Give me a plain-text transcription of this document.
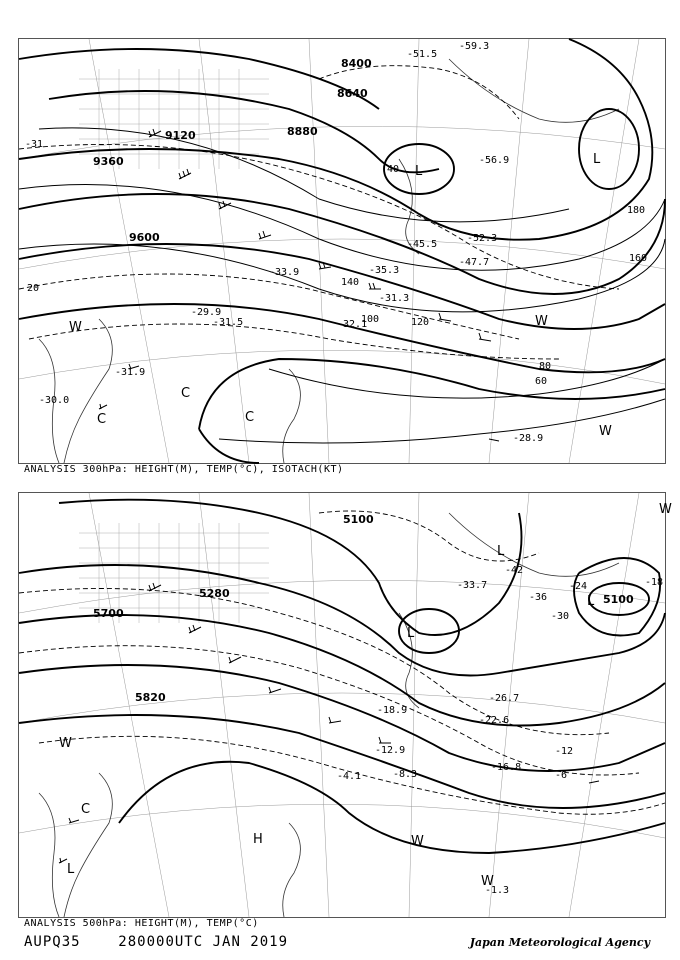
8400
8640
8880
9120
9360
9600
20
40
60
80
100	120
140
160
180
-31
-51.5
-59.3
-56.9
-52.3
-47.7
-45.5
-35.3
-33.9
-31.3
-32.1
-29.9
-28.9
-30.0
-31.5
-31.9
L
L
C
C	C
W	W
W
ANALYSIS 300hPa: HEIGHT(M), TEMP(°C), ISOTACH(KT)
5100
5100
5280
5700
5820
-42
-36
-30
-24	-18
-12
-6
-33.7
-26.7
-22.6
-18.9
-16.8
-12.9
-8.3
-4.1
-1.3
L
L
L
L
C
H
W
W
W
W
ANALYSIS 500hPa: HEIGHT(M), TEMP(°C)
AUPQ35	280000UTC JAN 2019	Japan Meteorological Agency
